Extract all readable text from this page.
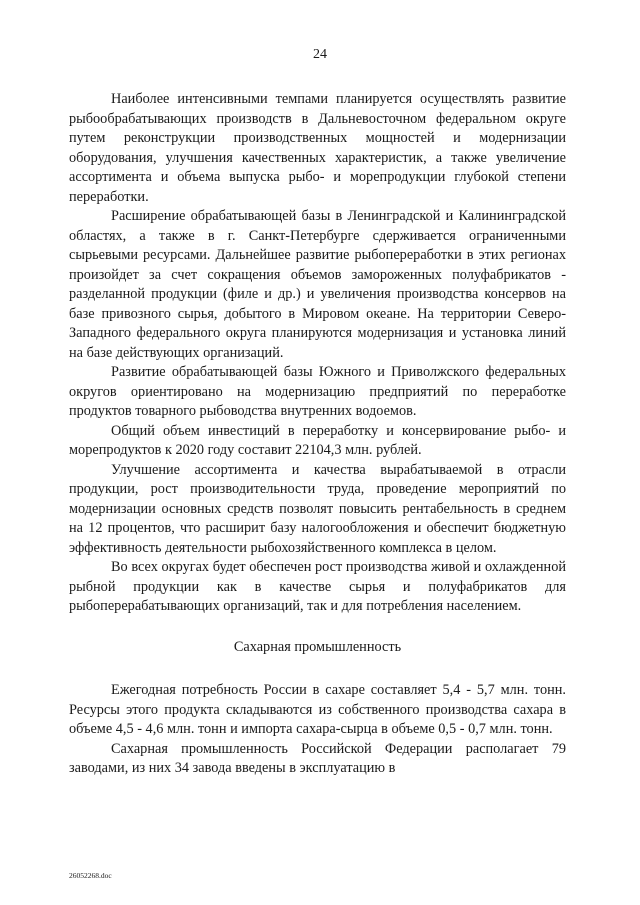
24

Наиболее интенсивными темпами планируется осуществлять развитие рыбообрабатывающих производств в Дальневосточном федеральном округе путем реконструкции производственных мощностей и модернизации оборудования, улучшения качественных характеристик, а также увеличение ассортимента и объема выпуска рыбо- и морепродукции глубокой степени переработки.

Расширение обрабатывающей базы в Ленинградской и Калининградской областях, а также в г. Санкт-Петербурге сдерживается ограниченными сырьевыми ресурсами. Дальнейшее развитие рыбопереработки в этих регионах произойдет за счет сокращения объемов замороженных полуфабрикатов - разделанной продукции (филе и др.) и увеличения производства консервов на базе привозного сырья, добытого в Мировом океане. На территории Северо-Западного федерального округа планируются модернизация и установка линий на базе действующих организаций.

Развитие обрабатывающей базы Южного и Приволжского федеральных округов ориентировано на модернизацию предприятий по переработке продуктов товарного рыбоводства внутренних водоемов.

Общий объем инвестиций в переработку и консервирование рыбо- и морепродуктов к 2020 году составит 22104,3 млн. рублей.

Улучшение ассортимента и качества вырабатываемой в отрасли продукции, рост производительности труда, проведение мероприятий по модернизации основных средств позволят повысить рентабельность в среднем на 12 процентов, что расширит базу налогообложения и обеспечит бюджетную эффективность деятельности рыбохозяйственного комплекса в целом.

Во всех округах будет обеспечен рост производства живой и охлажденной рыбной продукции как в качестве сырья и полуфабрикатов для рыбоперерабатывающих организаций, так и для потребления населением.

Сахарная промышленность

Ежегодная потребность России в сахаре составляет 5,4 - 5,7 млн. тонн. Ресурсы этого продукта складываются из собственного производства сахара в объеме 4,5 - 4,6 млн. тонн и импорта сахара-сырца в объеме 0,5 - 0,7 млн. тонн.

Сахарная промышленность Российской Федерации располагает 79 заводами, из них 34 завода введены в эксплуатацию в

26052268.doc
